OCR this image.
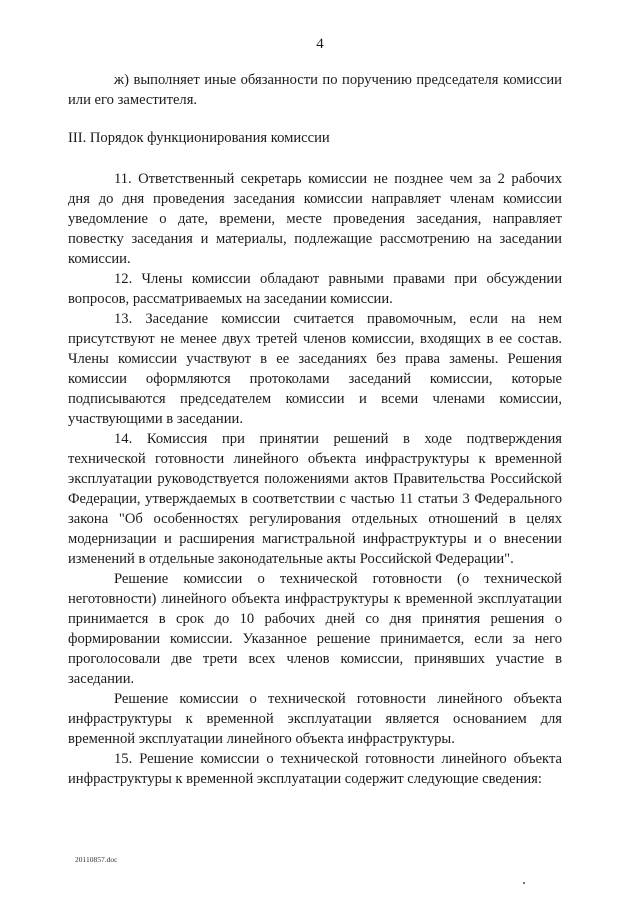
4

ж) выполняет иные обязанности по поручению председателя комиссии или его заместителя.

III. Порядок функционирования комиссии

11. Ответственный секретарь комиссии не позднее чем за 2 рабочих дня до дня проведения заседания комиссии направляет членам комиссии уведомление о дате, времени, месте проведения заседания, направляет повестку заседания и материалы, подлежащие рассмотрению на заседании комиссии.

12. Члены комиссии обладают равными правами при обсуждении вопросов, рассматриваемых на заседании комиссии.

13. Заседание комиссии считается правомочным, если на нем присутствуют не менее двух третей членов комиссии, входящих в ее состав. Члены комиссии участвуют в ее заседаниях без права замены. Решения комиссии оформляются протоколами заседаний комиссии, которые подписываются председателем комиссии и всеми членами комиссии, участвующими в заседании.

14. Комиссия при принятии решений в ходе подтверждения технической готовности линейного объекта инфраструктуры к временной эксплуатации руководствуется положениями актов Правительства Российской Федерации, утверждаемых в соответствии с частью 11 статьи 3 Федерального закона "Об особенностях регулирования отдельных отношений в целях модернизации и расширения магистральной инфраструктуры и о внесении изменений в отдельные законодательные акты Российской Федерации".

Решение комиссии о технической готовности (о технической неготовности) линейного объекта инфраструктуры к временной эксплуатации принимается в срок до 10 рабочих дней со дня принятия решения о формировании комиссии. Указанное решение принимается, если за него проголосовали две трети всех членов комиссии, принявших участие в заседании.

Решение комиссии о технической готовности линейного объекта инфраструктуры к временной эксплуатации является основанием для временной эксплуатации линейного объекта инфраструктуры.

15. Решение комиссии о технической готовности линейного объекта инфраструктуры к временной эксплуатации содержит следующие сведения:

20110857.doc
